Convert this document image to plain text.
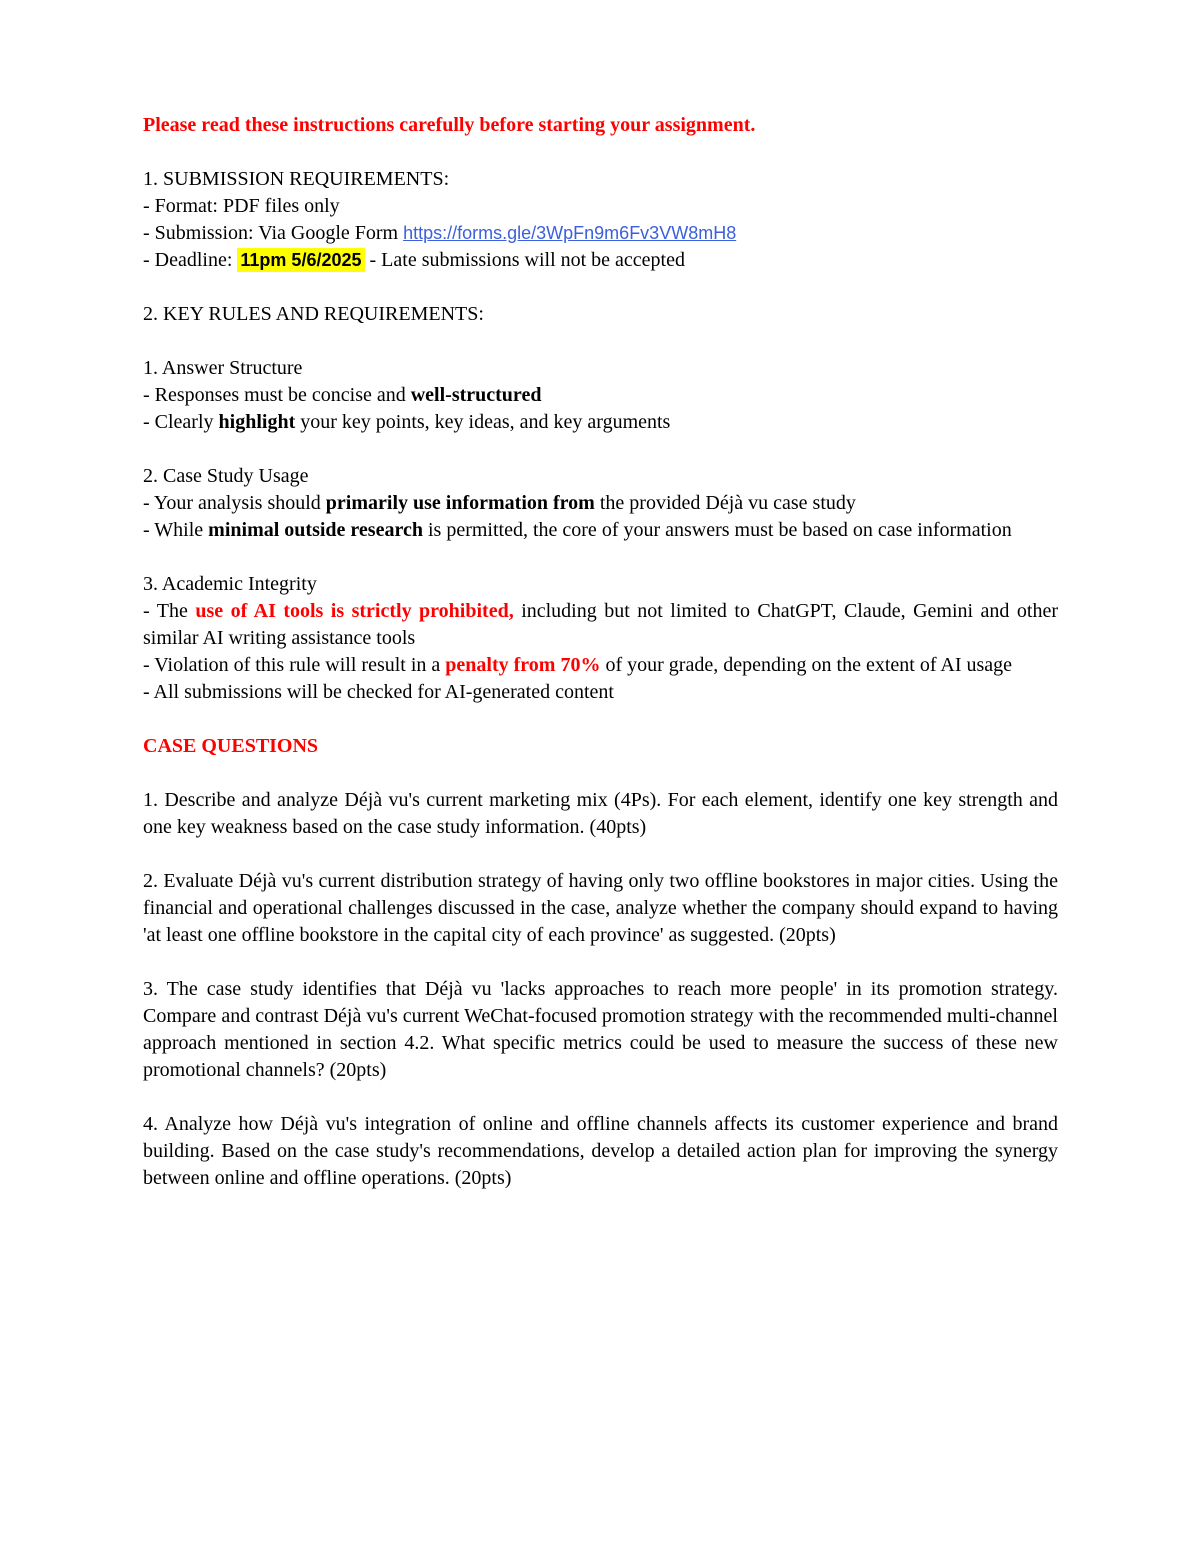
Please read these instructions carefully before starting your assignment.

1. SUBMISSION REQUIREMENTS:

- Format: PDF files only

- Submission: Via Google Form https://forms.gle/3WpFn9m6Fv3VW8mH8

- Deadline: 11pm 5/6/2025 - Late submissions will not be accepted

2. KEY RULES AND REQUIREMENTS:

1. Answer Structure

- Responses must be concise and well-structured

- Clearly highlight your key points, key ideas, and key arguments

2. Case Study Usage

- Your analysis should primarily use information from the provided Déjà vu case study

- While minimal outside research is permitted, the core of your answers must be based on case information

3. Academic Integrity

- The use of AI tools is strictly prohibited, including but not limited to ChatGPT, Claude, Gemini and other similar AI writing assistance tools

- Violation of this rule will result in a penalty from 70% of your grade, depending on the extent of AI usage

- All submissions will be checked for AI-generated content

CASE QUESTIONS

1. Describe and analyze Déjà vu's current marketing mix (4Ps). For each element, identify one key strength and one key weakness based on the case study information. (40pts)

2. Evaluate Déjà vu's current distribution strategy of having only two offline bookstores in major cities. Using the financial and operational challenges discussed in the case, analyze whether the company should expand to having 'at least one offline bookstore in the capital city of each province' as suggested. (20pts)

3. The case study identifies that Déjà vu 'lacks approaches to reach more people' in its promotion strategy. Compare and contrast Déjà vu's current WeChat-focused promotion strategy with the recommended multi-channel approach mentioned in section 4.2. What specific metrics could be used to measure the success of these new promotional channels? (20pts)

4. Analyze how Déjà vu's integration of online and offline channels affects its customer experience and brand building. Based on the case study's recommendations, develop a detailed action plan for improving the synergy between online and offline operations. (20pts)
